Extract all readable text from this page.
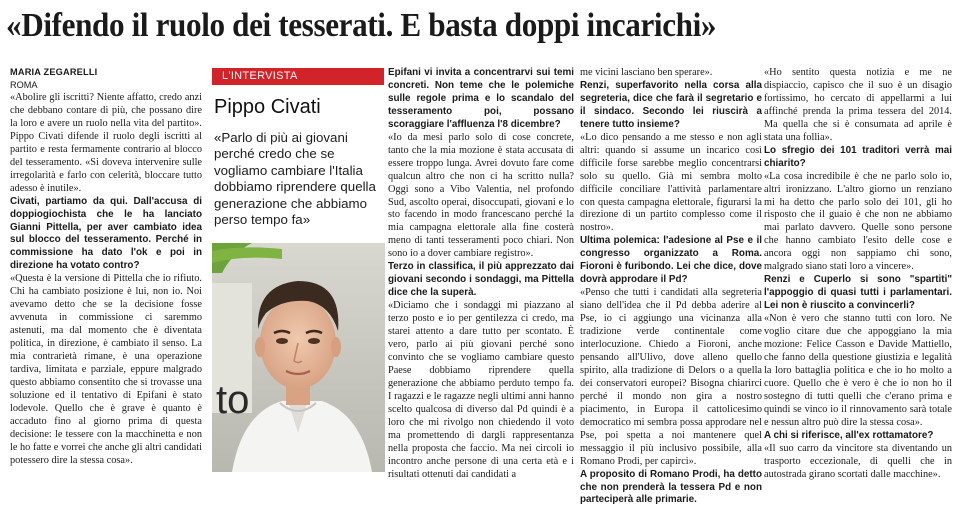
«Difendo il ruolo dei tesserati. E basta doppi incarichi»
MARIA ZEGARELLI
ROMA

«Abolire gli iscritti? Niente affatto, credo anzi che debbano contare di più, che possano dire la loro e avere un ruolo nella vita del partito». Pippo Civati difende il ruolo degli iscritti al partito e resta fermamente contrario al blocco del tesseramento. «Si doveva intervenire sulle irregolarità e farlo con celerità, bloccare tutto adesso è inutile».

Civati, partiamo da qui. Dall'accusa di doppiogiochista che le ha lanciato Gianni Pittella, per aver cambiato idea sul blocco del tesseramento. Perché in commissione ha dato l'ok e poi in direzione ha votato contro?

«Questa è la versione di Pittella che io rifiuto. Chi ha cambiato posizione è lui, non io. Noi avevamo detto che se la decisione fosse avvenuta in commissione ci saremmo astenuti, ma dal momento che è diventata politica, in direzione, è cambiato il senso. La mia contrarietà rimane, è una operazione tardiva, limitata e parziale, eppure malgrado questo abbiamo consentito che si trovasse una soluzione ed il tentativo di Epifani è stato lodevole. Quello che è grave è quanto è accaduto fino al giorno prima di questa decisione: le tessere con la macchinetta e non le ho fatte e vorrei che anche gli altri candidati potessero dire la stessa cosa».

L'INTERVISTA
Pippo Civati
«Parlo di più ai giovani perché credo che se vogliamo cambiare l'Italia dobbiamo riprendere quella generazione che abbiamo perso tempo fa»
to

Epifani vi invita a concentrarvi sui temi concreti. Non teme che le polemiche sulle regole prima e lo scandalo del tesseramento poi, possano scoraggiare l'affluenza l'8 dicembre?

«Io da mesi parlo solo di cose concrete, tanto che la mia mozione è stata accusata di essere troppo lunga. Avrei dovuto fare come qualcun altro che non ci ha scritto nulla? Oggi sono a Vibo Valentia, nel profondo Sud, ascolto operai, disoccupati, giovani e lo sto facendo in modo francescano perché la mia campagna elettorale alla fine costerà meno di tanti tesseramenti poco chiari. Non sono io a dover cambiare registro».

Terzo in classifica, il più apprezzato dai giovani secondo i sondaggi, ma Pittella dice che la superà.

«Diciamo che i sondaggi mi piazzano al terzo posto e io per gentilezza ci credo, ma starei attento a dare tutto per scontato. È vero, parlo ai più giovani perché sono convinto che se vogliamo cambiare questo Paese dobbiamo riprendere quella generazione che abbiamo perduto tempo fa. I ragazzi e le ragazze negli ultimi anni hanno scelto qualcosa di diverso dal Pd quindi è a loro che mi rivolgo non chiedendo il voto ma promettendo di dargli rappresentanza nella proposta che faccio. Ma nei circoli io incontro anche persone di una certa età e i risultati ottenuti dai candidati a

me vicini lasciano ben sperare».

Renzi, superfavorito nella corsa alla segreteria, dice che farà il segretario e il sindaco. Secondo lei riuscirà a tenere tutto insieme?

«Lo dico pensando a me stesso e non agli altri: quando si assume un incarico così difficile forse sarebbe meglio concentrarsi solo su quello. Già mi sembra molto difficile conciliare l'attività parlamentare con questa campagna elettorale, figurarsi la direzione di un partito complesso come il nostro».

Ultima polemica: l'adesione al Pse e il congresso organizzato a Roma. Fioroni è furibondo. Lei che dice, dove dovrà approdare il Pd?

«Penso che tutti i candidati alla segreteria siano dell'idea che il Pd debba aderire al Pse, io ci aggiungo una vicinanza alla tradizione verde continentale come interlocuzione. Chiedo a Fioroni, anche pensando all'Ulivo, dove alleno quello spirito, alla tradizione di Delors o a quella dei conservatori europei? Bisogna chiarirci perché il mondo non gira a nostro piacimento, in Europa il cattolicesimo democratico mi sembra possa approdare nel Pse, poi spetta a noi mantenere quel messaggio il più inclusivo possibile, alla Romano Prodi, per capirci».

A proposito di Romano Prodi, ha detto che non prenderà la tessera Pd e non parteciperà alle primarie.

«Ho sentito questa notizia e me ne dispiaccio, capisco che il suo è un disagio fortissimo, ho cercato di appellarmi a lui affinché prenda la prima tessera del 2014. Ma quella che si è consumata ad aprile è stata una follia».

Lo sfregio dei 101 traditori verrà mai chiarito?

«La cosa incredibile è che ne parlo solo io, altri ironizzano. L'altro giorno un renziano mi ha detto che parlo solo dei 101, gli ho risposto che il guaio è che non ne abbiamo mai parlato davvero. Quelle sono persone che hanno cambiato l'esito delle cose e ancora oggi non sappiamo chi sono, malgrado siano stati loro a vincere».

Renzi e Cuperlo si sono "spartiti" l'appoggio di quasi tutti i parlamentari. Lei non è riuscito a convincerli?

«Non è vero che stanno tutti con loro. Ne voglio citare due che appoggiano la mia mozione: Felice Casson e Davide Mattiello, che fanno della questione giustizia e legalità la loro battaglia politica e che io ho molto a cuore. Quello che è vero è che io non ho il sostegno di tutti quelli che c'erano prima e quindi se vinco io il rinnovamento sarà totale e nessun altro può dire la stessa cosa».

A chi si riferisce, all'ex rottamatore?

«Il suo carro da vincitore sta diventando un trasporto eccezionale, di quelli che in autostrada girano scortati dalle macchine».
